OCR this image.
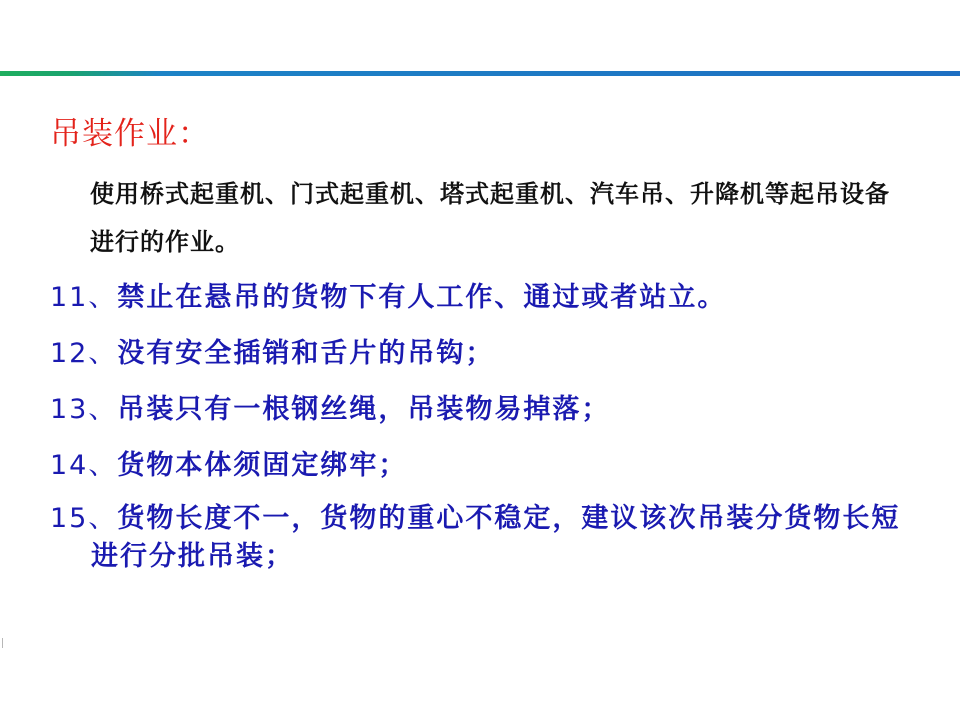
吊装作业：
使用桥式起重机、门式起重机、塔式起重机、汽车吊、升降机等起吊设备进行的作业。
11、禁止在悬吊的货物下有人工作、通过或者站立。
12、没有安全插销和舌片的吊钩；
13、吊装只有一根钢丝绳，吊装物易掉落；
14、货物本体须固定绑牢；
15、货物长度不一，货物的重心不稳定，建议该次吊装分货物长短进行分批吊装；
